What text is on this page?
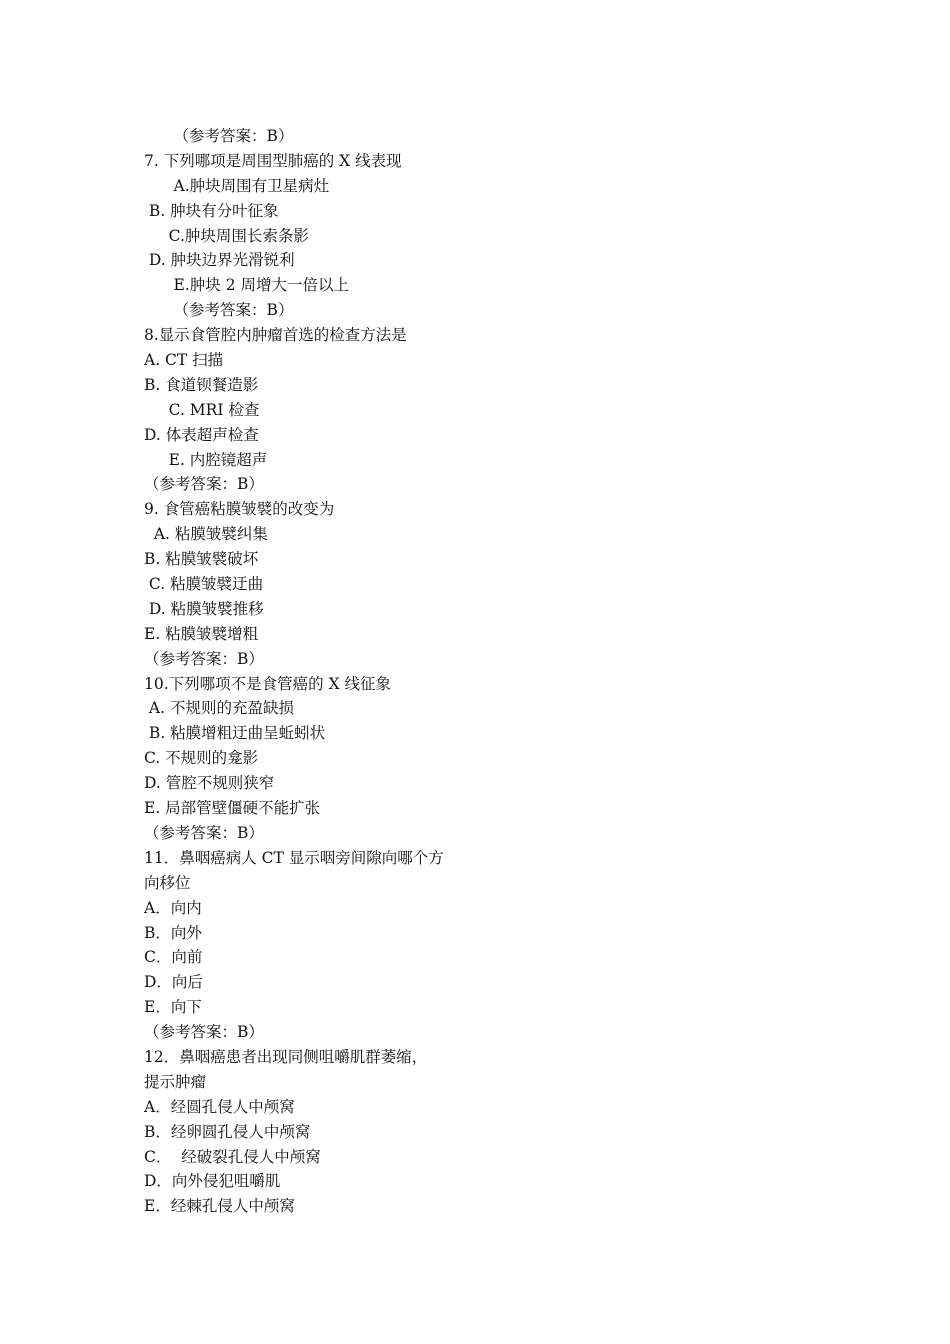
（参考答案：B）
7. 下列哪项是周围型肺癌的 X 线表现
A.肿块周围有卫星病灶
B. 肿块有分叶征象
C.肿块周围长索条影
D. 肿块边界光滑锐利
E.肿块 2 周增大一倍以上
（参考答案：B）
8.显示食管腔内肿瘤首选的检查方法是
A. CT 扫描
B. 食道钡餐造影
C. MRI 检查
D. 体表超声检查
E. 内腔镜超声
（参考答案：B）
9. 食管癌粘膜皱襞的改变为
A. 粘膜皱襞纠集
B. 粘膜皱襞破坏
C. 粘膜皱襞迂曲
D. 粘膜皱襞推移
E. 粘膜皱襞增粗
（参考答案：B）
10.下列哪项不是食管癌的 X 线征象
A. 不规则的充盈缺损
B. 粘膜增粗迂曲呈蚯蚓状
C. 不规则的龛影
D. 管腔不规则狭窄
E. 局部管壁僵硬不能扩张
（参考答案：B）
11．鼻咽癌病人 CT 显示咽旁间隙向哪个方
向移位
A．向内
B．向外
C．向前
D．向后
E．向下
（参考答案：B）
12．鼻咽癌患者出现同侧咀嚼肌群萎缩，
提示肿瘤
A．经圆孔侵人中颅窝
B．经卵圆孔侵人中颅窝
C．  经破裂孔侵人中颅窝
D．向外侵犯咀嚼肌
E．经棘孔侵人中颅窝
